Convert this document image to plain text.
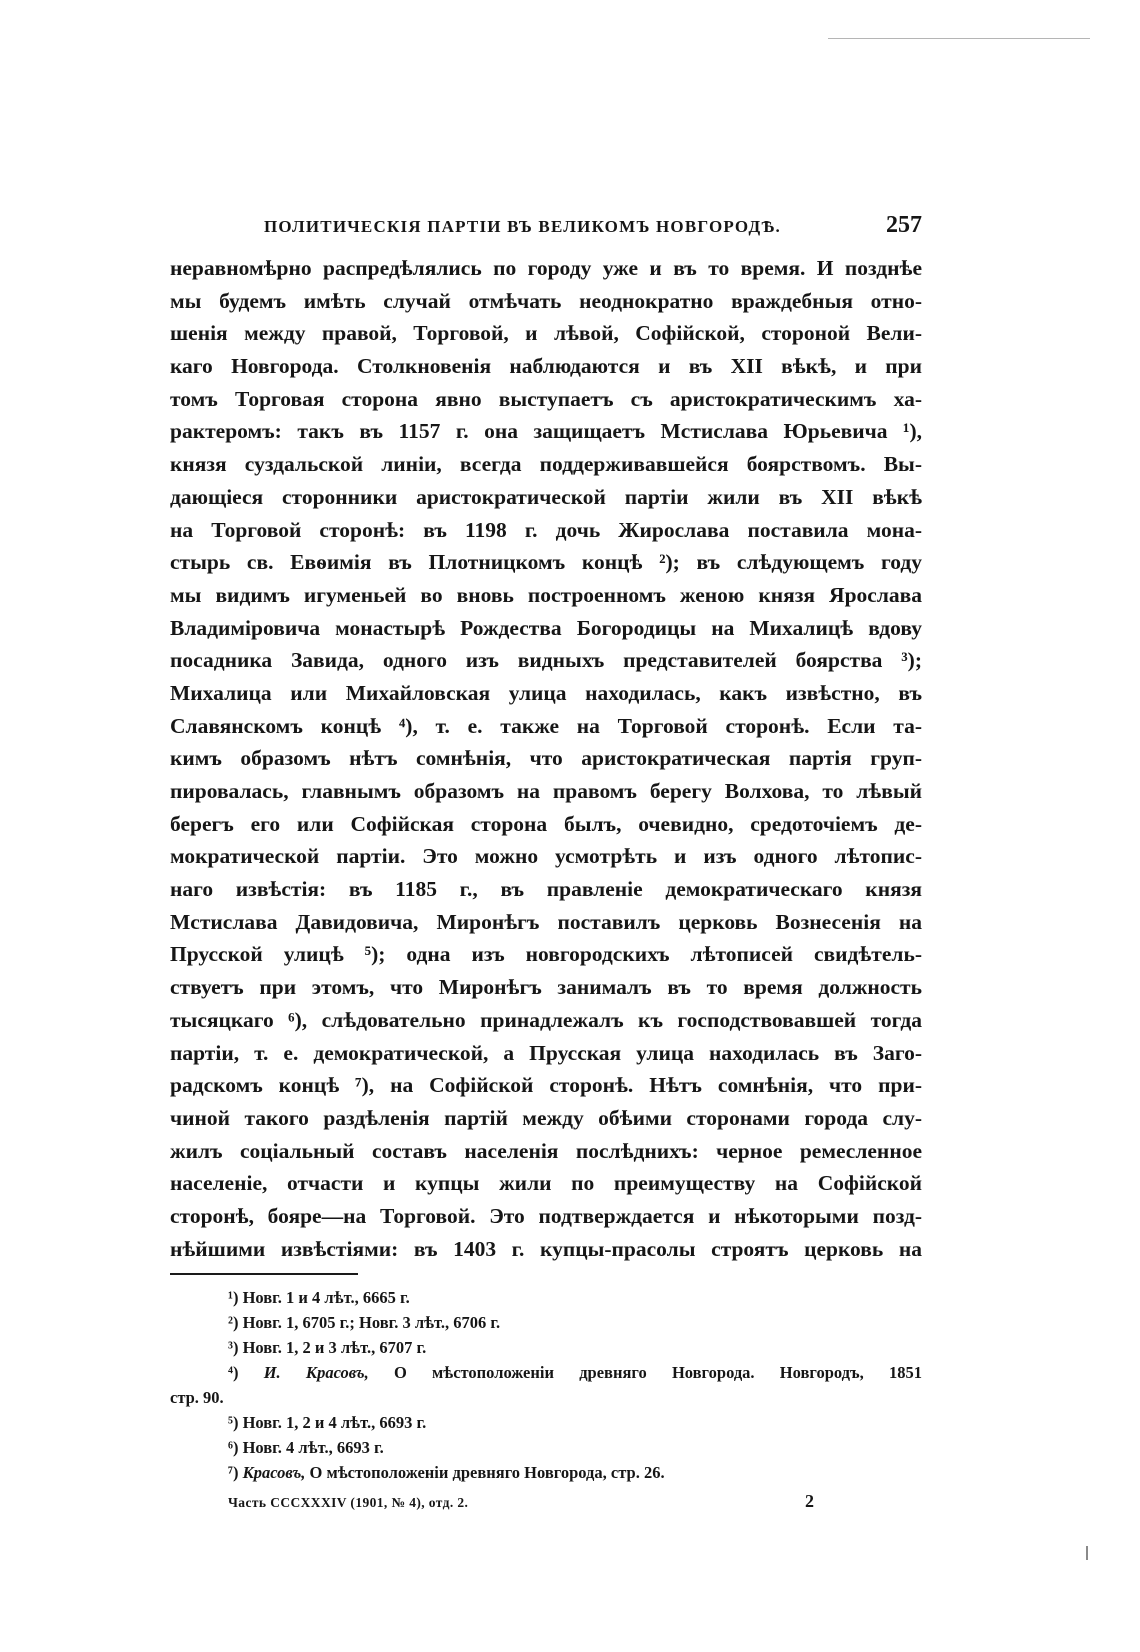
ПОЛИТИЧЕСКІЯ ПАРТІИ ВЪ ВЕЛИКОМЪ НОВГОРОДѢ.	257
неравномѣрно распредѣлялись по городу уже и въ то время. И позднѣе
мы будемъ имѣть случай отмѣчать неоднократно враждебныя отно-
шенія между правой, Торговой, и лѣвой, Софійской, стороной Вели-
каго Новгорода. Столкновенія наблюдаются и въ XII вѣкѣ, и при
томъ Торговая сторона явно выступаетъ съ аристократическимъ ха-
рактеромъ: такъ въ 1157 г. она защищаетъ Мстислава Юрьевича ¹),
князя суздальской линіи, всегда поддерживавшейся боярствомъ. Вы-
дающіеся сторонники аристократической партіи жили въ XII вѣкѣ
на Торговой сторонѣ: въ 1198 г. дочь Жирослава поставила мона-
стырь св. Евѳимія въ Плотницкомъ концѣ ²); въ слѣдующемъ году
мы видимъ игуменьей во вновь построенномъ женою князя Ярослава
Владиміровича монастырѣ Рождества Богородицы на Михалицѣ вдову
посадника Завида, одного изъ видныхъ представителей боярства ³);
Михалица или Михайловская улица находилась, какъ извѣстно, въ
Славянскомъ концѣ ⁴), т. е. также на Торговой сторонѣ. Если та-
кимъ образомъ нѣтъ сомнѣнія, что аристократическая партія груп-
пировалась, главнымъ образомъ на правомъ берегу Волхова, то лѣвый
берегъ его или Софійская сторона былъ, очевидно, средоточіемъ де-
мократической партіи. Это можно усмотрѣть и изъ одного лѣтопис-
наго извѣстія: въ 1185 г., въ правленіе демократическаго князя
Мстислава Давидовича, Миронѣгъ поставилъ церковь Вознесенія на
Прусской улицѣ ⁵); одна изъ новгородскихъ лѣтописей свидѣтель-
ствуетъ при этомъ, что Миронѣгъ занималъ въ то время должность
тысяцкаго ⁶), слѣдовательно принадлежалъ къ господствовавшей тогда
партіи, т. е. демократической, а Прусская улица находилась въ Заго-
радскомъ концѣ ⁷), на Софійской сторонѣ. Нѣтъ сомнѣнія, что при-
чиной такого раздѣленія партій между обѣими сторонами города слу-
жилъ соціальный составъ населенія послѣднихъ: черное ремесленное
населеніе, отчасти и купцы жили по преимуществу на Софійской
сторонѣ, бояре—на Торговой. Это подтверждается и нѣкоторыми позд-
нѣйшими извѣстіями: въ 1403 г. купцы-прасолы строятъ церковь на
¹) Новг. 1 и 4 лѣт., 6665 г.
²) Новг. 1, 6705 г.; Новг. 3 лѣт., 6706 г.
³) Новг. 1, 2 и 3 лѣт., 6707 г.
⁴) И. Красовъ, О мѣстоположеніи древняго Новгорода. Новгородъ, 1851
стр. 90.
⁵) Новг. 1, 2 и 4 лѣт., 6693 г.
⁶) Новг. 4 лѣт., 6693 г.
⁷) Красовъ, О мѣстоположеніи древняго Новгорода, стр. 26.
Часть CCCXXXIV (1901, № 4), отд. 2.	2
